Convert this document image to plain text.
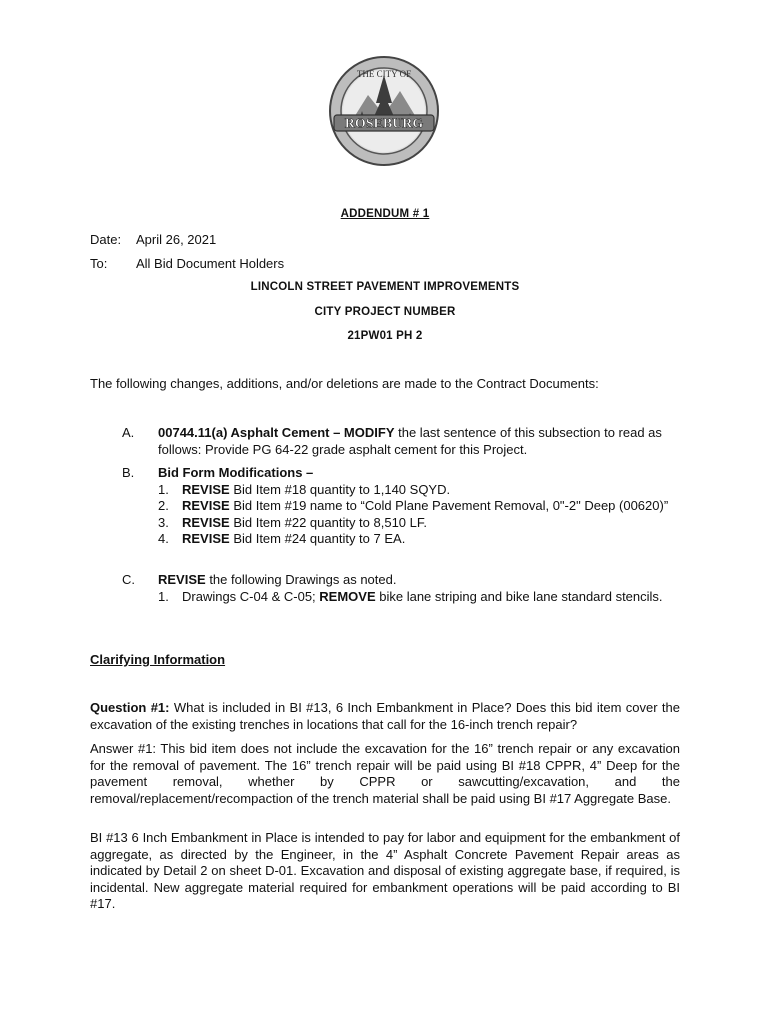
ROSEBURG
THE CITY OF
ADDENDUM # 1
Date: April 26, 2021
To: All Bid Document Holders
LINCOLN STREET PAVEMENT IMPROVEMENTS
CITY PROJECT NUMBER
21PW01 PH 2
The following changes, additions, and/or deletions are made to the Contract Documents:
A. 00744.11(a) Asphalt Cement – MODIFY the last sentence of this subsection to read as follows: Provide PG 64-22 grade asphalt cement for this Project.
B. Bid Form Modifications –
1.	REVISE Bid Item #18 quantity to 1,140 SQYD.
2.	REVISE Bid Item #19 name to “Cold Plane Pavement Removal, 0"-2" Deep (00620)”
3.	REVISE Bid Item #22 quantity to 8,510 LF.
4.	REVISE Bid Item #24 quantity to 7 EA.
C. REVISE the following Drawings as noted.
1.	Drawings C-04 & C-05; REMOVE bike lane striping and bike lane standard stencils.
Clarifying Information
Question #1: What is included in BI #13, 6 Inch Embankment in Place? Does this bid item cover the excavation of the existing trenches in locations that call for the 16-inch trench repair?
Answer #1: This bid item does not include the excavation for the 16” trench repair or any excavation for the removal of pavement. The 16” trench repair will be paid using BI #18 CPPR, 4” Deep for the pavement removal, whether by CPPR or sawcutting/excavation, and the removal/replacement/recompaction of the trench material shall be paid using BI #17 Aggregate Base.
BI #13 6 Inch Embankment in Place is intended to pay for labor and equipment for the embankment of aggregate, as directed by the Engineer, in the 4” Asphalt Concrete Pavement Repair areas as indicated by Detail 2 on sheet D-01. Excavation and disposal of existing aggregate base, if required, is incidental. New aggregate material required for embankment operations will be paid according to BI #17.
